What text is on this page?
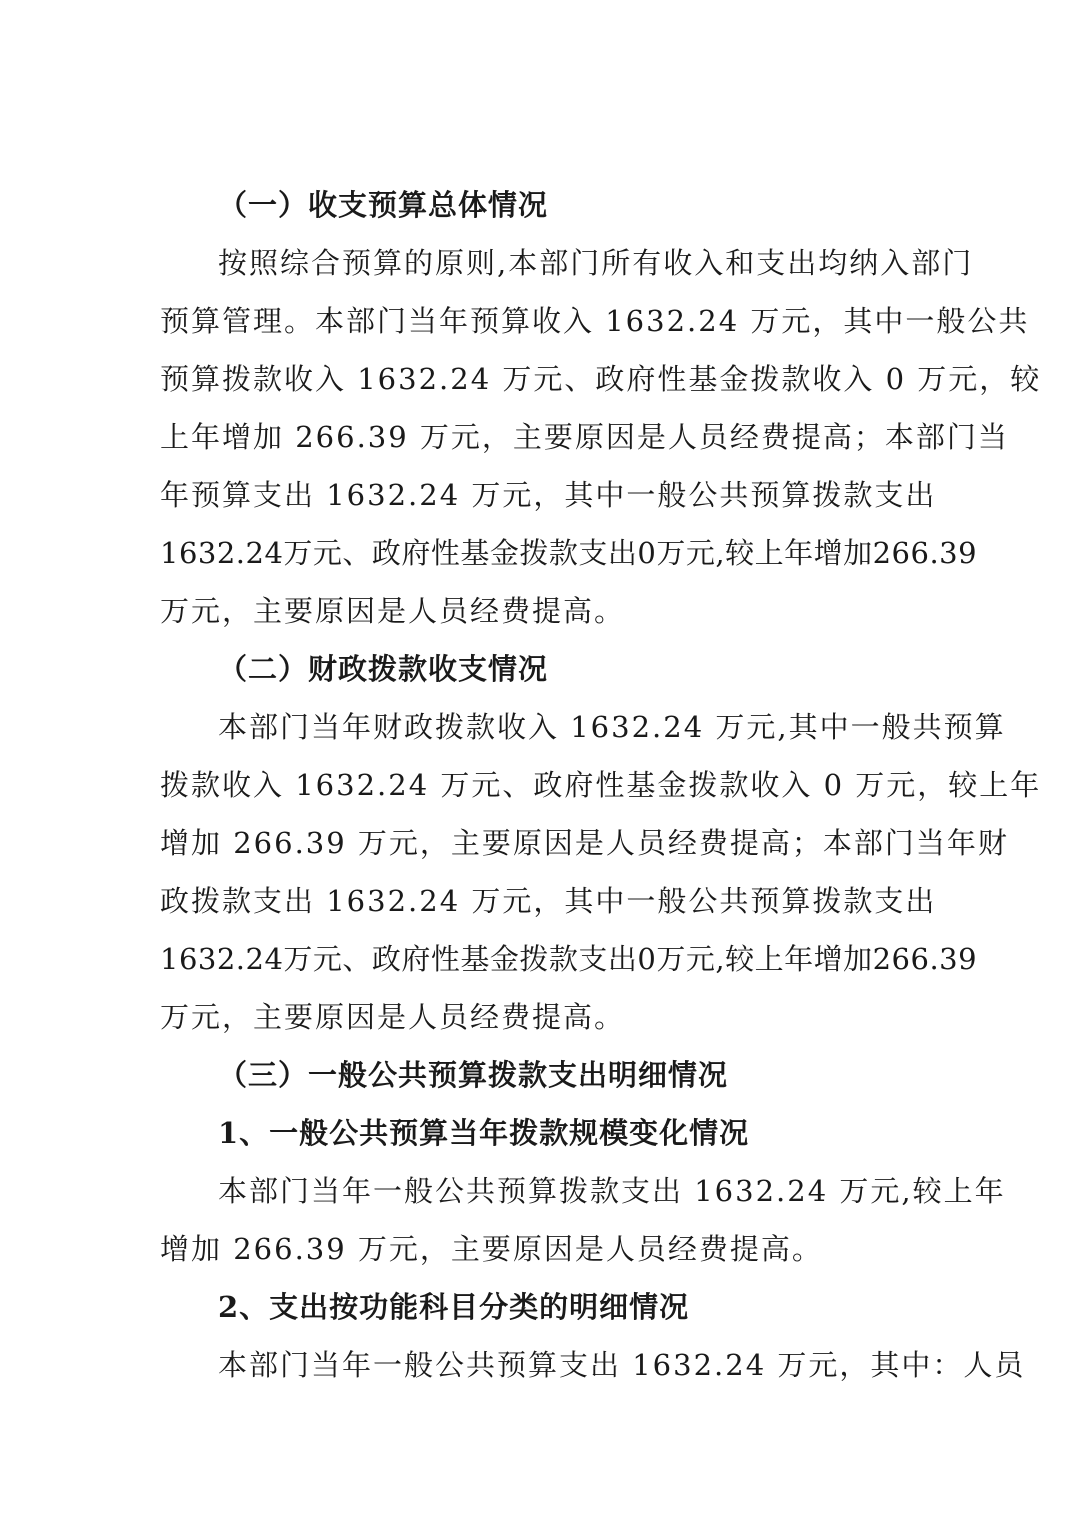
（一）收支预算总体情况

按照综合预算的原则,本部门所有收入和支出均纳入部门
预算管理。本部门当年预算收入 1632.24 万元，其中一般公共
预算拨款收入 1632.24 万元、政府性基金拨款收入 0 万元，较
上年增加 266.39 万元，主要原因是人员经费提高；本部门当
年预算支出 1632.24 万元，其中一般公共预算拨款支出
1632.24万元、政府性基金拨款支出0万元,较上年增加266.39
万元，主要原因是人员经费提高。

（二）财政拨款收支情况

本部门当年财政拨款收入 1632.24 万元,其中一般共预算
拨款收入 1632.24 万元、政府性基金拨款收入 0 万元，较上年
增加 266.39 万元，主要原因是人员经费提高；本部门当年财
政拨款支出 1632.24 万元，其中一般公共预算拨款支出
1632.24万元、政府性基金拨款支出0万元,较上年增加266.39
万元，主要原因是人员经费提高。

（三）一般公共预算拨款支出明细情况

1、一般公共预算当年拨款规模变化情况

本部门当年一般公共预算拨款支出 1632.24 万元,较上年
增加 266.39 万元，主要原因是人员经费提高。

2、支出按功能科目分类的明细情况

本部门当年一般公共预算支出 1632.24 万元，其中：人员
